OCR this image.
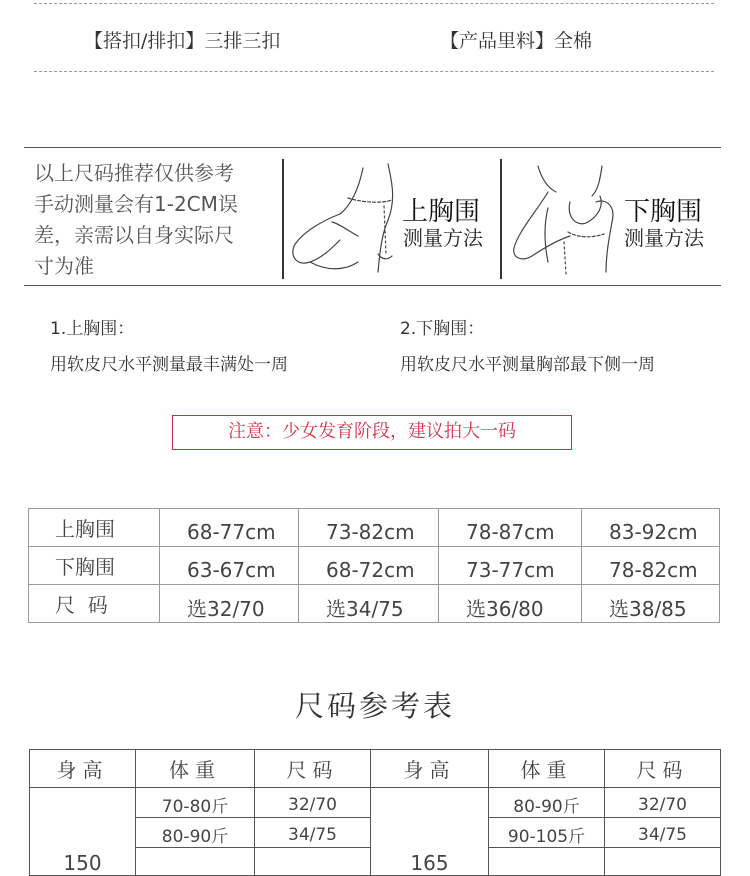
【搭扣/排扣】三排三扣	【产品里料】全棉
以上尺码推荐仅供参考
手动测量会有1-2CM误
差，亲需以自身实际尺
寸为准
上胸围
测量方法
下胸围
测量方法
1.上胸围：
用软皮尺水平测量最丰满处一周
2.下胸围：
用软皮尺水平测量胸部最下侧一周
注意：少女发育阶段，建议拍大一码
上胸围	68-77cm	73-82cm	78-87cm	83-92cm
下胸围	63-67cm	68-72cm	73-77cm	78-82cm
尺  码	选32/70	选34/75	选36/80	选38/85
尺码参考表
身高	体重	尺码	身高	体重	尺码
150	70-80斤	32/70	165	80-90斤	32/70
	80-90斤	34/75		90-105斤	34/75
